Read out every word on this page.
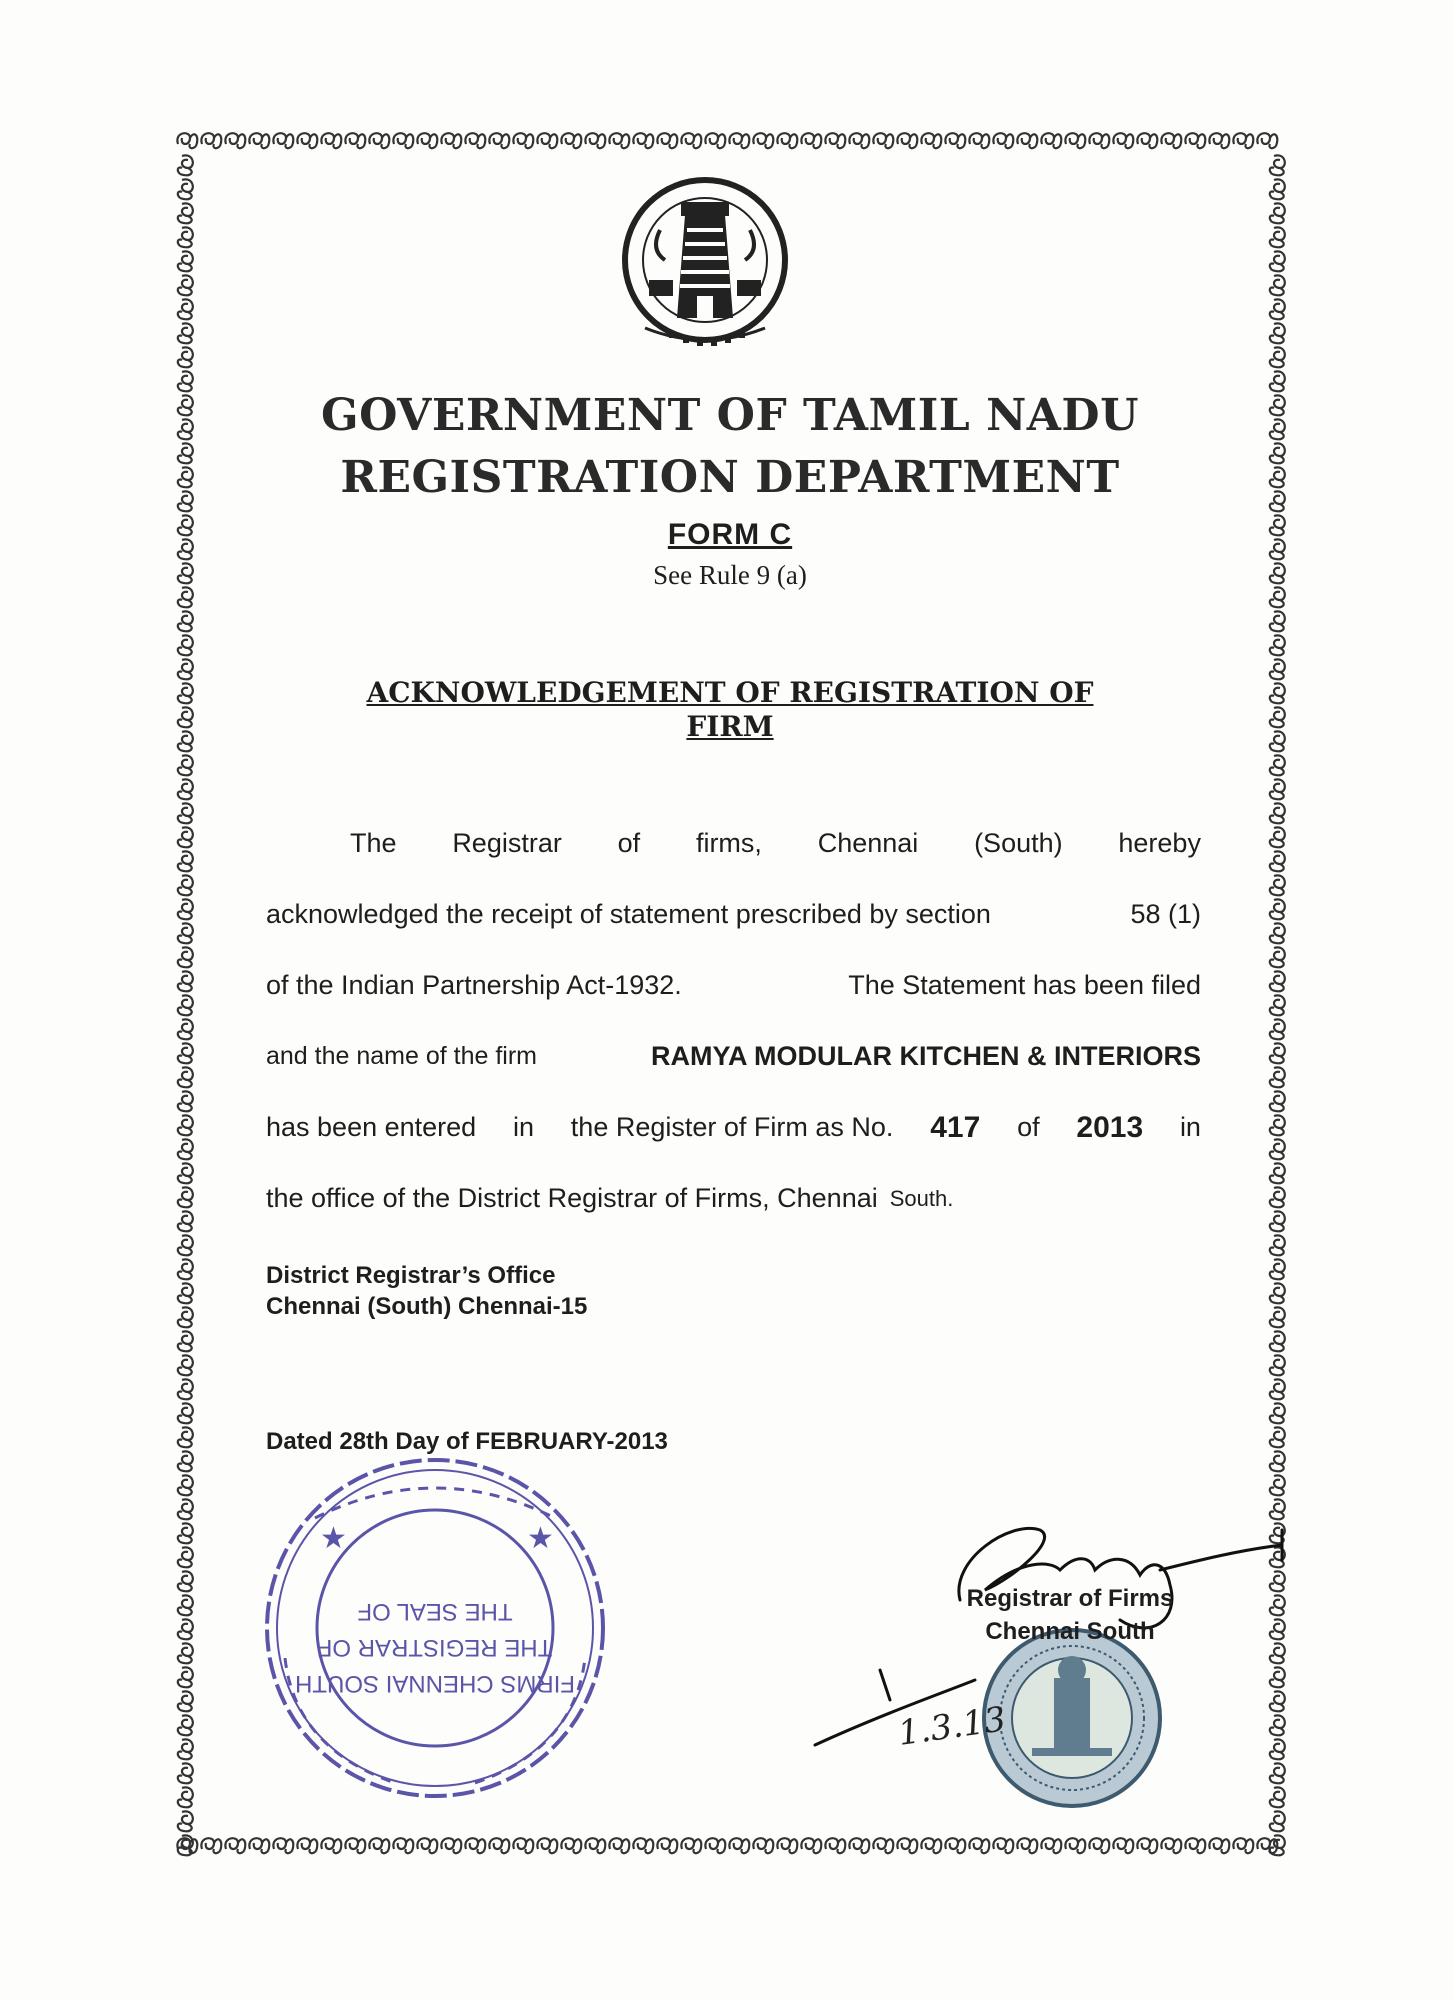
GOVERNMENT OF TAMIL NADU
REGISTRATION DEPARTMENT
FORM C
See Rule 9 (a)
ACKNOWLEDGEMENT OF REGISTRATION OF
FIRM
The Registrar of firms, Chennai (South) hereby
acknowledged the receipt of statement prescribed by section	58 (1)
of the Indian Partnership Act-1932.	The Statement has been filed
and the name of the firm	RAMYA MODULAR KITCHEN & INTERIORS
has been entered in the Register of Firm as No. 417 of 2013 in
the office of the District Registrar of Firms, Chennai South.
District Registrar’s Office
Chennai (South) Chennai-15
Dated 28th Day of FEBRUARY-2013
★	★
FIRMS CHENNAI SOUTH
THE REGISTRAR OF
THE SEAL OF
1.3.13
Registrar of Firms
Chennai South
